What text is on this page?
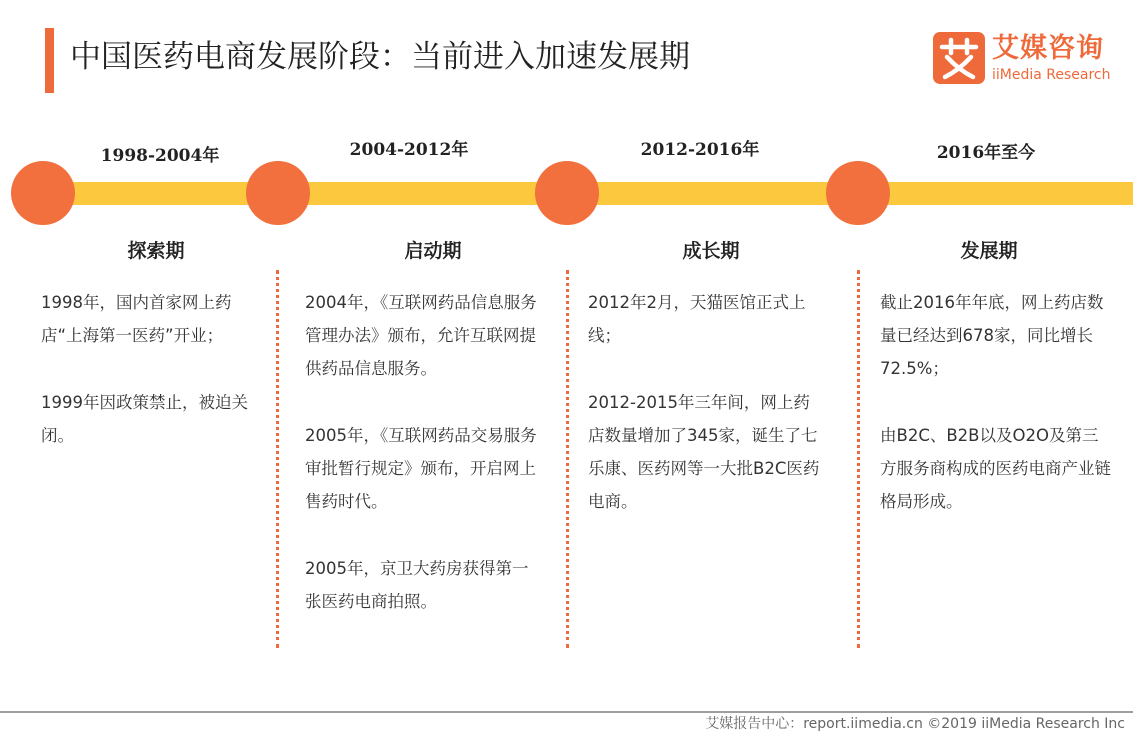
中国医药电商发展阶段：当前进入加速发展期	艾媒咨询
iiMedia Research
1998-2004年	2004-2012年	2012-2016年	2016年至今
探索期	启动期	成长期	发展期

1998年，国内首家网上药店“上海第一医药”开业；

1999年因政策禁止，被迫关闭。

2004年，《互联网药品信息服务管理办法》颁布，允许互联网提供药品信息服务。

2005年，《互联网药品交易服务审批暂行规定》颁布，开启网上售药时代。

2005年，京卫大药房获得第一张医药电商拍照。

2012年2月，天猫医馆正式上线；

2012-2015年三年间，网上药店数量增加了345家，诞生了七乐康、医药网等一大批B2C医药电商。

截止2016年年底，网上药店数量已经达到678家，同比增长72.5%；

由B2C、B2B以及O2O及第三方服务商构成的医药电商产业链格局形成。

艾媒报告中心：report.iimedia.cn ©2019 iiMedia Research Inc
